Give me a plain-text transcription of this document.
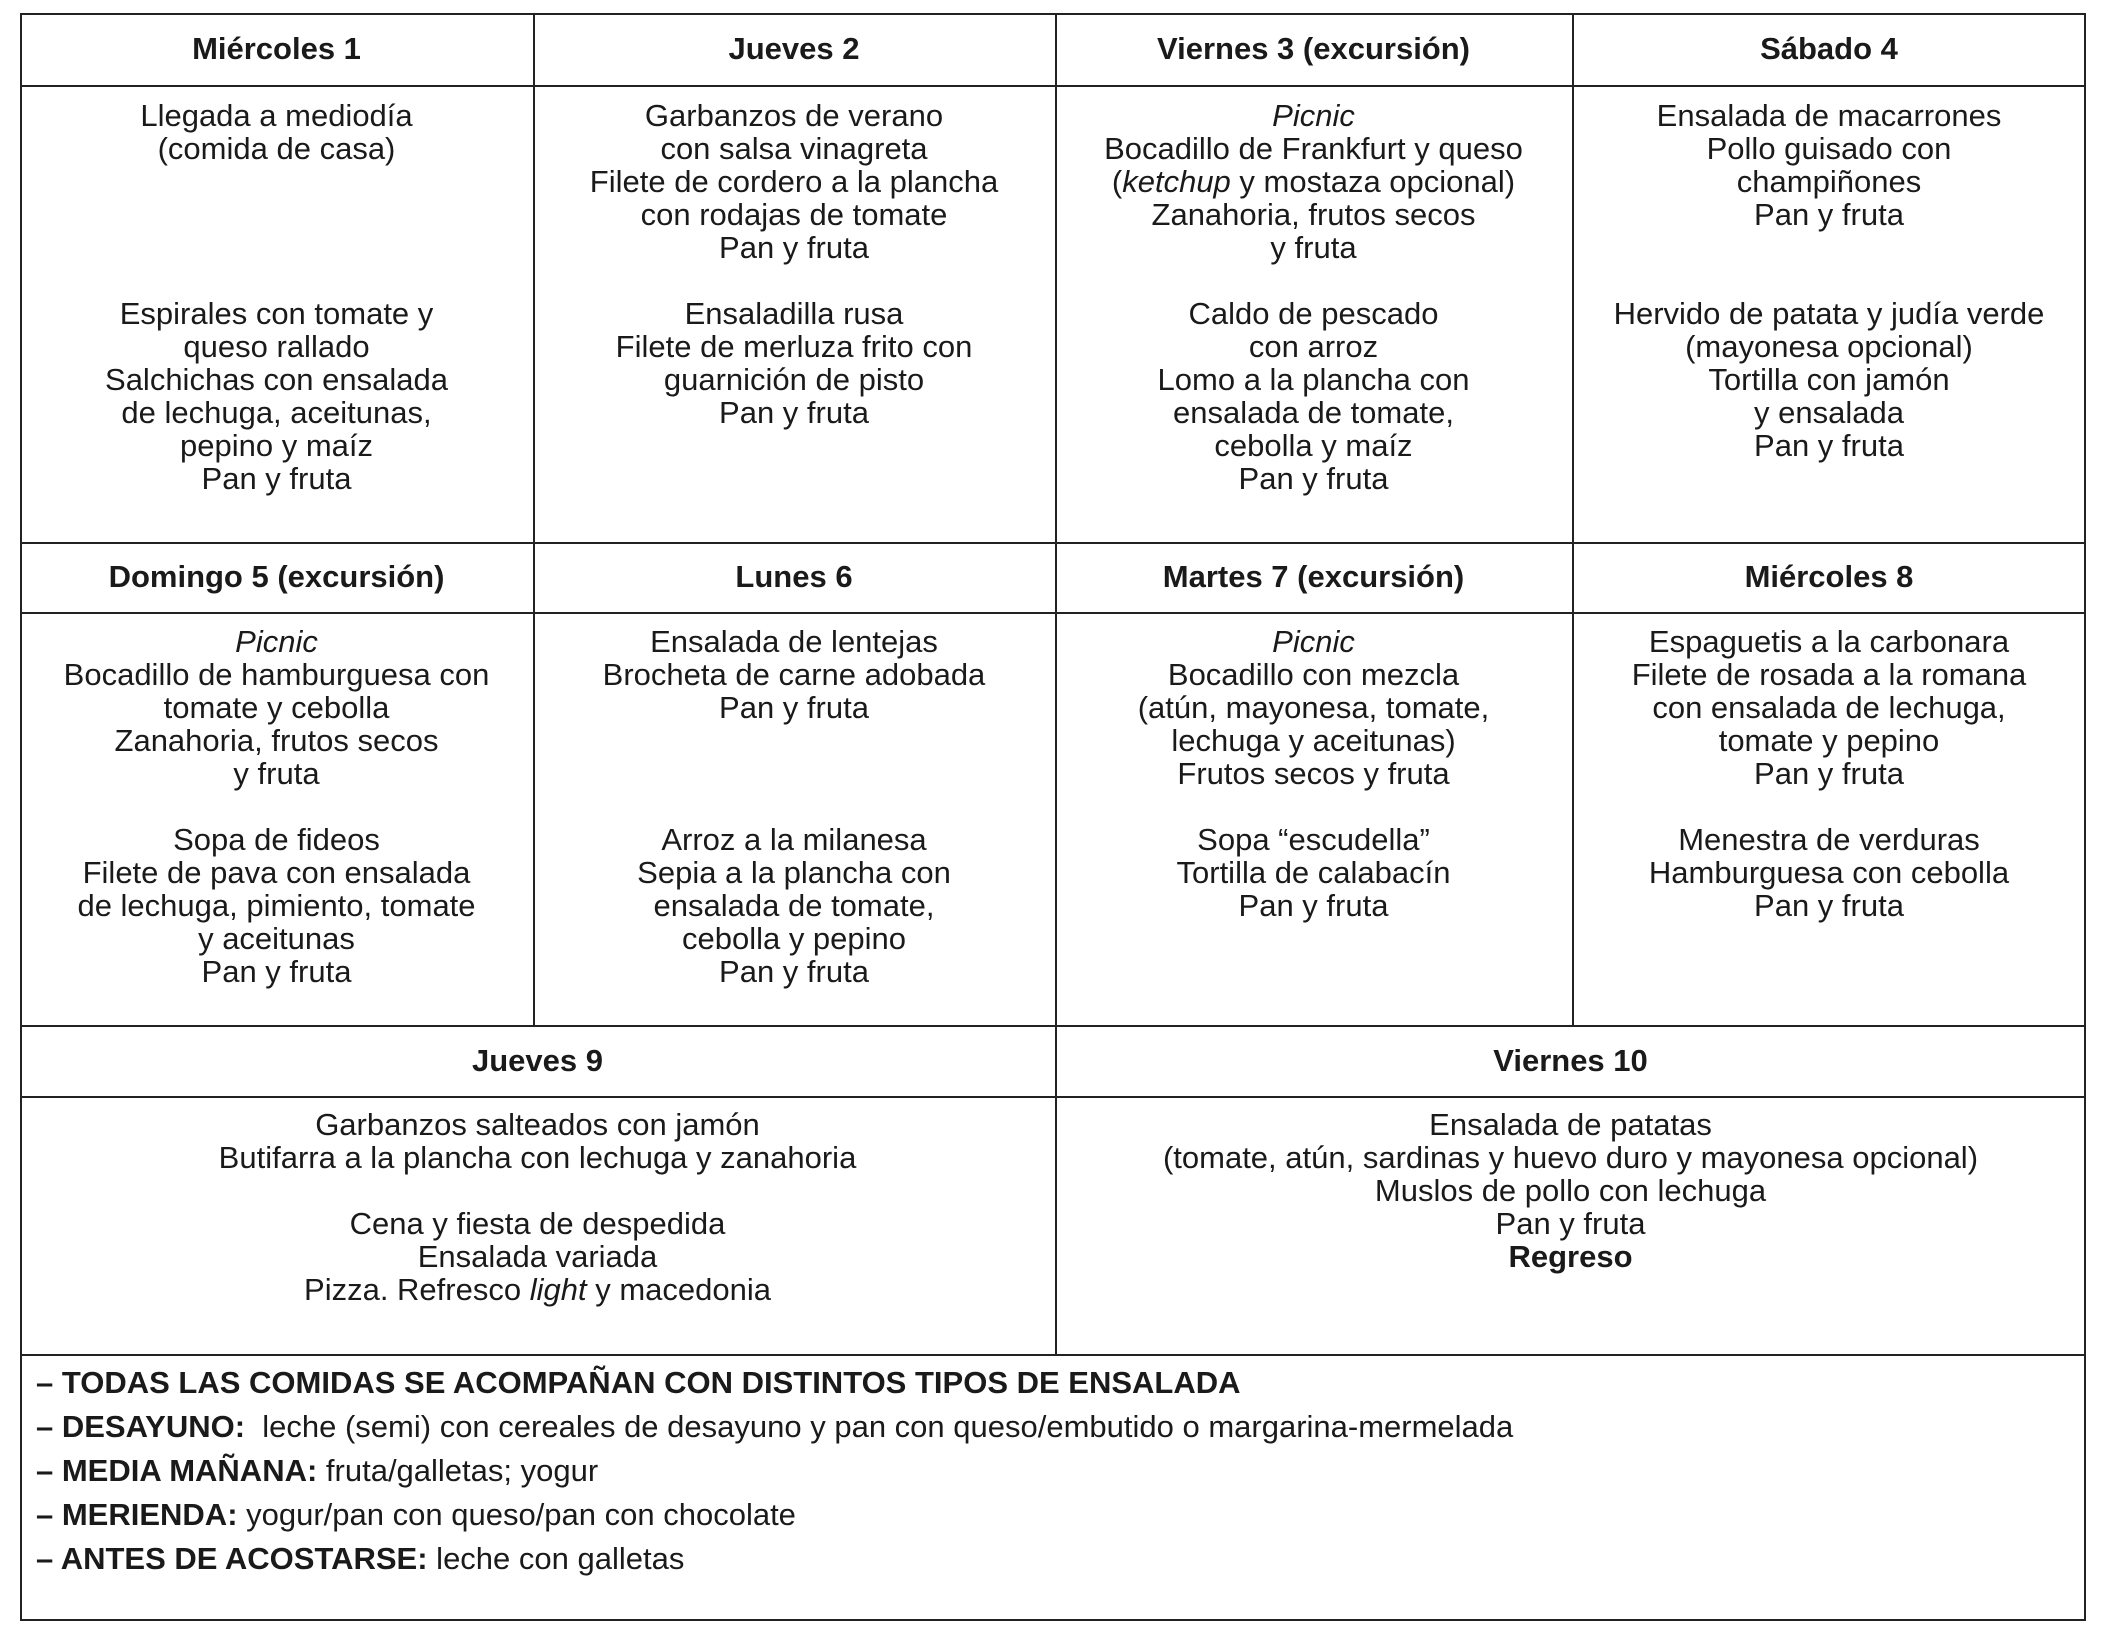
– TODAS LAS COMIDAS SE ACOMPAÑAN CON DISTINTOS TIPOS DE ENSALADA
– DESAYUNO:  leche (semi) con cereales de desayuno y pan con queso/embutido o margarina-mermelada
– MEDIA MAÑANA: fruta/galletas; yogur
– MERIENDA: yogur/pan con queso/pan con chocolate
– ANTES DE ACOSTARSE: leche con galletas
Miércoles 1
Llegada a mediodía
(comida de casa)
Espirales con tomate y
queso rallado
Salchichas con ensalada
de lechuga, aceitunas,
pepino y maíz
Pan y fruta
Jueves 2
Garbanzos de verano
con salsa vinagreta
Filete de cordero a la plancha
con rodajas de tomate
Pan y fruta
Ensaladilla rusa
Filete de merluza frito con
guarnición de pisto
Pan y fruta
Viernes 3 (excursión)
Picnic
Bocadillo de Frankfurt y queso
(ketchup y mostaza opcional)
Zanahoria, frutos secos
y fruta
Caldo de pescado
con arroz
Lomo a la plancha con
ensalada de tomate,
cebolla y maíz
Pan y fruta
Sábado 4
Ensalada de macarrones
Pollo guisado con
champiñones
Pan y fruta
Hervido de patata y judía verde
(mayonesa opcional)
Tortilla con jamón
y ensalada
Pan y fruta
Domingo 5 (excursión)
Picnic
Bocadillo de hamburguesa con
tomate y cebolla
Zanahoria, frutos secos
y fruta
Sopa de fideos
Filete de pava con ensalada
de lechuga, pimiento, tomate
y aceitunas
Pan y fruta
Lunes 6
Ensalada de lentejas
Brocheta de carne adobada
Pan y fruta
Arroz a la milanesa
Sepia a la plancha con
ensalada de tomate,
cebolla y pepino
Pan y fruta
Martes 7 (excursión)
Picnic
Bocadillo con mezcla
(atún, mayonesa, tomate,
lechuga y aceitunas)
Frutos secos y fruta
Sopa “escudella”
Tortilla de calabacín
Pan y fruta
Miércoles 8
Espaguetis a la carbonara
Filete de rosada a la romana
con ensalada de lechuga,
tomate y pepino
Pan y fruta
Menestra de verduras
Hamburguesa con cebolla
Pan y fruta
Jueves 9
Garbanzos salteados con jamón
Butifarra a la plancha con lechuga y zanahoria
Cena y fiesta de despedida
Ensalada variada
Pizza. Refresco light y macedonia
Viernes 10
Ensalada de patatas
(tomate, atún, sardinas y huevo duro y mayonesa opcional)
Muslos de pollo con lechuga
Pan y fruta
Regreso
